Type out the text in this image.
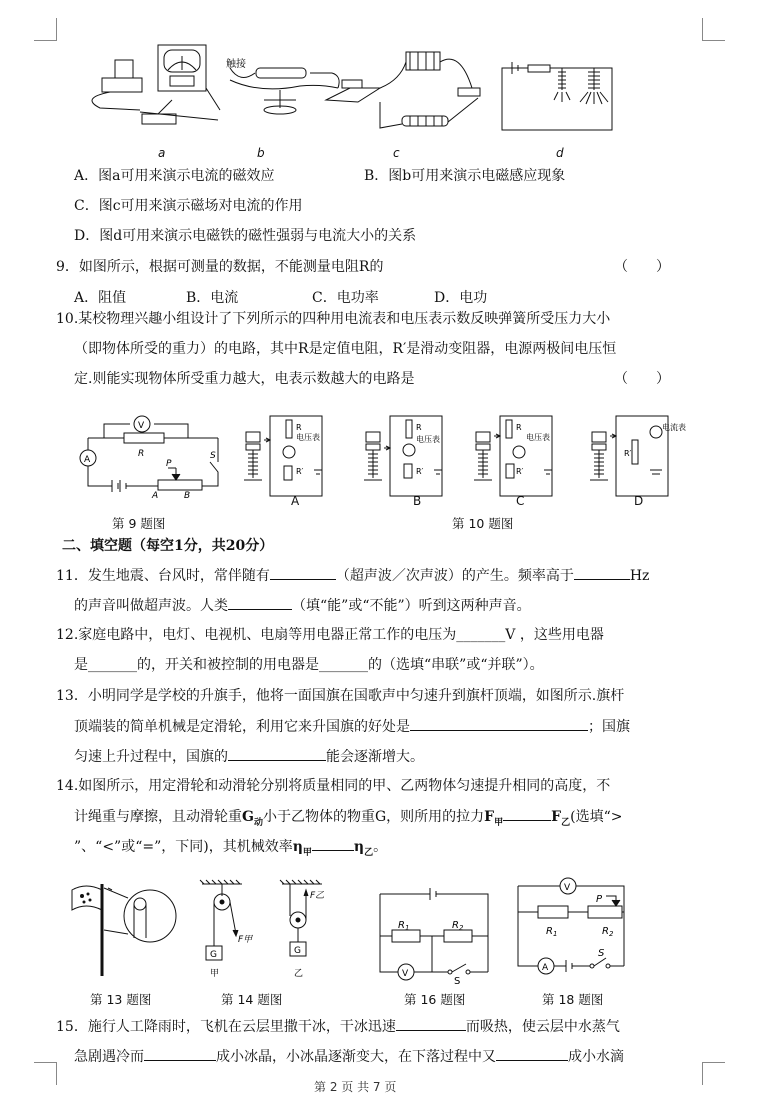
触接
a	b	c	d
A．图a可用来演示电流的磁效应	B．图b可用来演示电磁感应现象
C．图c可用来演示磁场对电流的作用
D．图d可用来演示电磁铁的磁性强弱与电流大小的关系
9．如图所示，根据可测量的数据，不能测量电阻R的	（　　）
A．阻值	B．电流	C．电功率	D．电功
10.某校物理兴趣小组设计了下列所示的四种用电流表和电压表示数反映弹簧所受压力大小
（即物体所受的重力）的电路，其中R是定值电阻，R′是滑动变阻器，电源两极间电压恒
定.则能实现物体所受重力越大，电表示数越大的电路是	（　　）
V
A
R
P
S
A	B
电压表
R
R′
电压表
R
R′
电压表
R
R′
电流表
R′
A	B	C	D
第 9 题图	第 10 题图
二、填空题（每空1分，共20分）
11．发生地震、台风时，常伴随有	（超声波／次声波）的产生。频率高于	Hz
的声音叫做超声波。人类	（填“能”或“不能”）听到这两种声音。
12.家庭电路中，电灯、电视机、电扇等用电器正常工作的电压为_______V ，这些用电器
是_______的，开关和被控制的用电器是_______的（选填“串联”或“并联”）。
13．小明同学是学校的升旗手，他将一面国旗在国歌声中匀速升到旗杆顶端，如图所示.旗杆
顶端装的简单机械是定滑轮，利用它来升国旗的好处是	；国旗
匀速上升过程中，国旗的	能会逐渐增大。
14.如图所示，用定滑轮和动滑轮分别将质量相同的甲、乙两物体匀速提升相同的高度，不
计绳重与摩擦，且动滑轮重$G_动$小于乙物体的物重G，则所用的拉力$F_甲$	$F_乙$(选填“>
”、“<”或“=”，下同)，其机械效率$\eta_甲$	$\eta_乙$。
G	G
F甲
F乙
甲	乙
$R_1$	$R_2$
V
S
V
P
$R_1$	$R_2$
A
S
第 13 题图	第 14 题图	第 16 题图	第 18 题图
15．施行人工降雨时，飞机在云层里撒干冰，干冰迅速	而吸热，使云层中水蒸气
急剧遇冷而	成小冰晶，小冰晶逐渐变大，在下落过程中又	成小水滴
第 2 页 共 7 页
